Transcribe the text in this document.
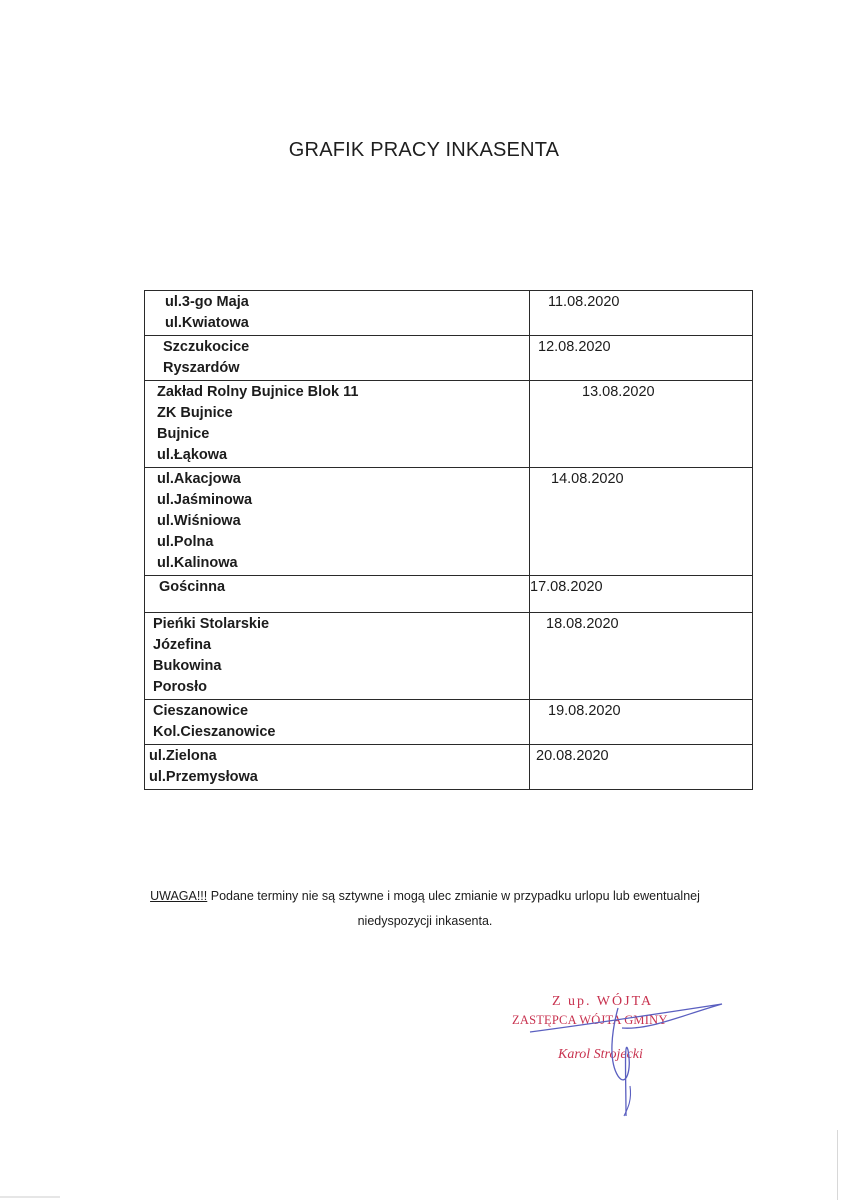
GRAFIK PRACY INKASENTA
ul.3-go Maja
ul.Kwiatowa	11.08.2020

Szczukocice
Ryszardów	12.08.2020

Zakład Rolny Bujnice Blok 11
ZK Bujnice
Bujnice
ul.Łąkowa	13.08.2020

ul.Akacjowa
ul.Jaśminowa
ul.Wiśniowa
ul.Polna
ul.Kalinowa	14.08.2020

Gościnna	17.08.2020

Pieńki Stolarskie
Józefina
Bukowina
Porosło	18.08.2020

Cieszanowice
Kol.Cieszanowice	19.08.2020

ul.Zielona
ul.Przemysłowa	20.08.2020
UWAGA!!! Podane terminy nie są sztywne i mogą ulec zmianie w przypadku urlopu lub ewentualnej
niedyspozycji inkasenta.
Z up. WÓJTA
ZASTĘPCA WÓJTA GMINY
Karol Strojecki
